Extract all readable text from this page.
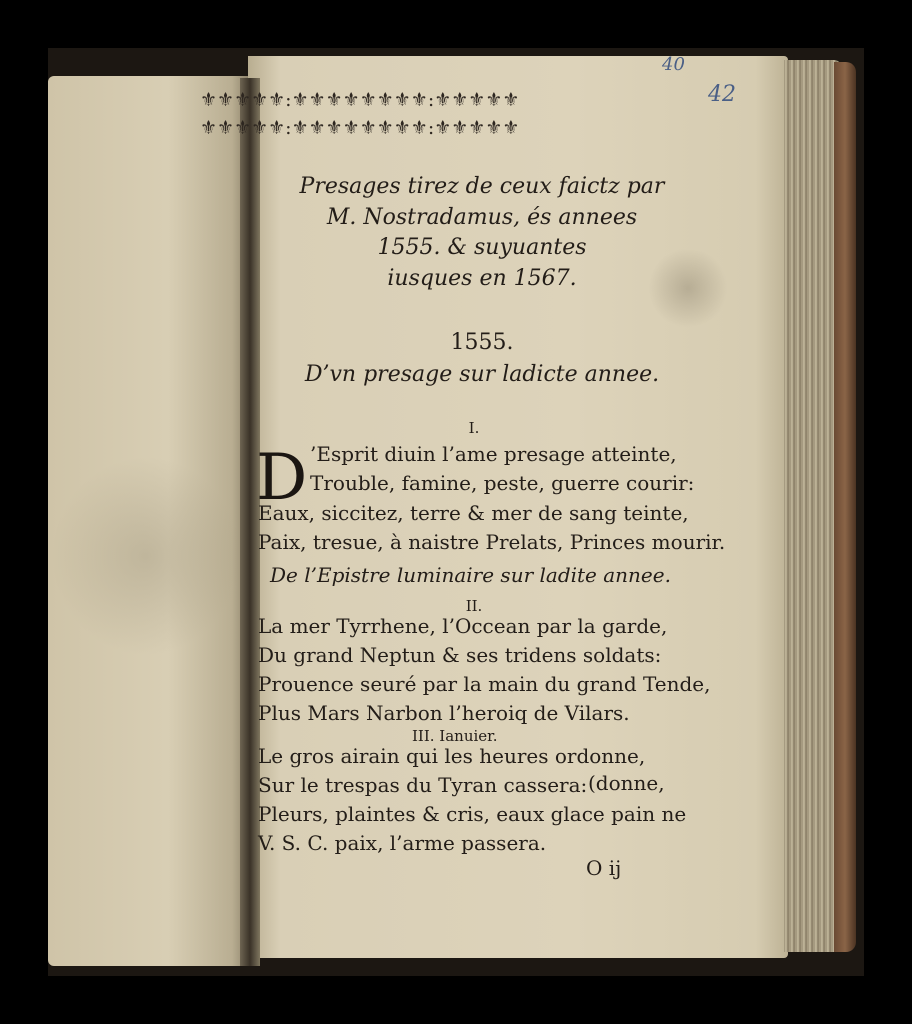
⚜⚜⚜⚜⚜:⚜⚜⚜⚜⚜⚜⚜⚜:⚜⚜⚜⚜⚜
⚜⚜⚜⚜⚜:⚜⚜⚜⚜⚜⚜⚜⚜:⚜⚜⚜⚜⚜
40
42
Presages tirez de ceux faictz par
M. Nostradamus, és annees
1555. & suyuantes
iusques en 1567.
1555.
D’vn presage sur ladicte annee.
I.
D ’Esprit diuin l’ame presage atteinte,
Trouble, famine, peste, guerre courir:
Eaux, siccitez, terre & mer de sang teinte,
Paix, tresue, à naistre Prelats, Princes mourir.
De l’Epistre luminaire sur ladite annee.
II.
La mer Tyrrhene, l’Occean par la garde,
Du grand Neptun & ses tridens soldats:
Prouence seuré par la main du grand Tende,
Plus Mars Narbon l’heroiq de Vilars.
III. Ianuier.
Le gros airain qui les heures ordonne,
Sur le trespas du Tyran cassera: (donne,
Pleurs, plaintes & cris, eaux glace pain ne
V. S. C. paix, l’arme passera.
O ij
